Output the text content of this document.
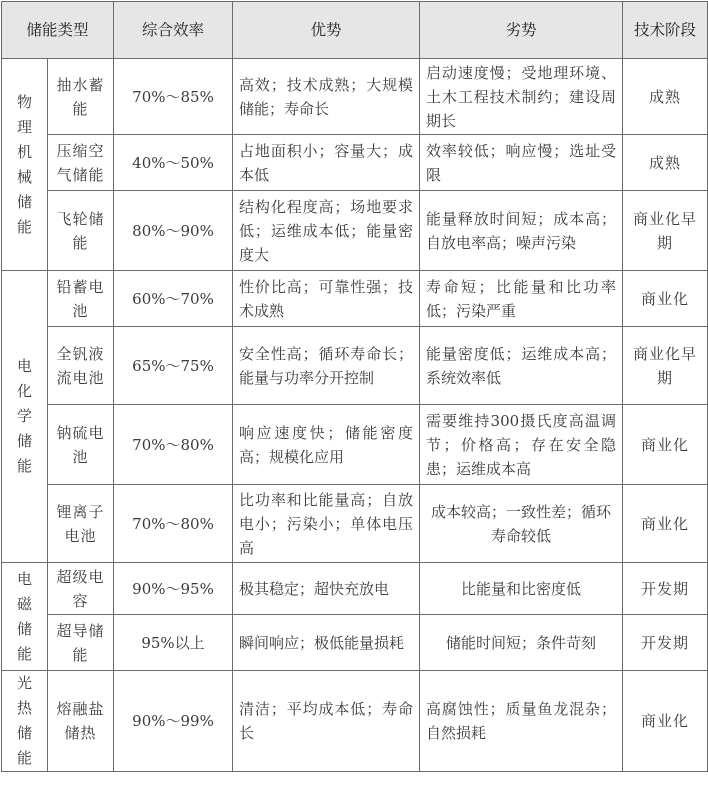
储能类型		综合效率	优势	劣势	技术阶段

物理机械储能	抽水蓄能	70%～85%	高效；技术成熟；大规模储能；寿命长	启动速度慢；受地理环境、土木工程技术制约；建设周期长	成熟
	压缩空气储能	40%～50%	占地面积小；容量大；成本低	效率较低；响应慢；选址受限	成熟
	飞轮储能	80%～90%	结构化程度高；场地要求低；运维成本低；能量密度大	能量释放时间短；成本高；自放电率高；噪声污染	商业化早期

电化学储能	铅蓄电池	60%～70%	性价比高；可靠性强；技术成熟	寿命短；比能量和比功率低；污染严重	商业化
	全钒液流电池	65%～75%	安全性高；循环寿命长；能量与功率分开控制	能量密度低；运维成本高；系统效率低	商业化早期
	钠硫电池	70%～80%	响应速度快；储能密度高；规模化应用	需要维持300摄氏度高温调节；价格高；存在安全隐患；运维成本高	商业化
	锂离子电池	70%～80%	比功率和比能量高；自放电小；污染小；单体电压高	成本较高；一致性差；循环寿命较低	商业化

电磁储能	超级电容	90%～95%	极其稳定；超快充放电	比能量和比密度低	开发期
	超导储能	95%以上	瞬间响应；极低能量损耗	储能时间短；条件苛刻	开发期

光热储能	熔融盐储热	90%～99%	清洁；平均成本低；寿命长	高腐蚀性；质量鱼龙混杂；自然损耗	商业化
